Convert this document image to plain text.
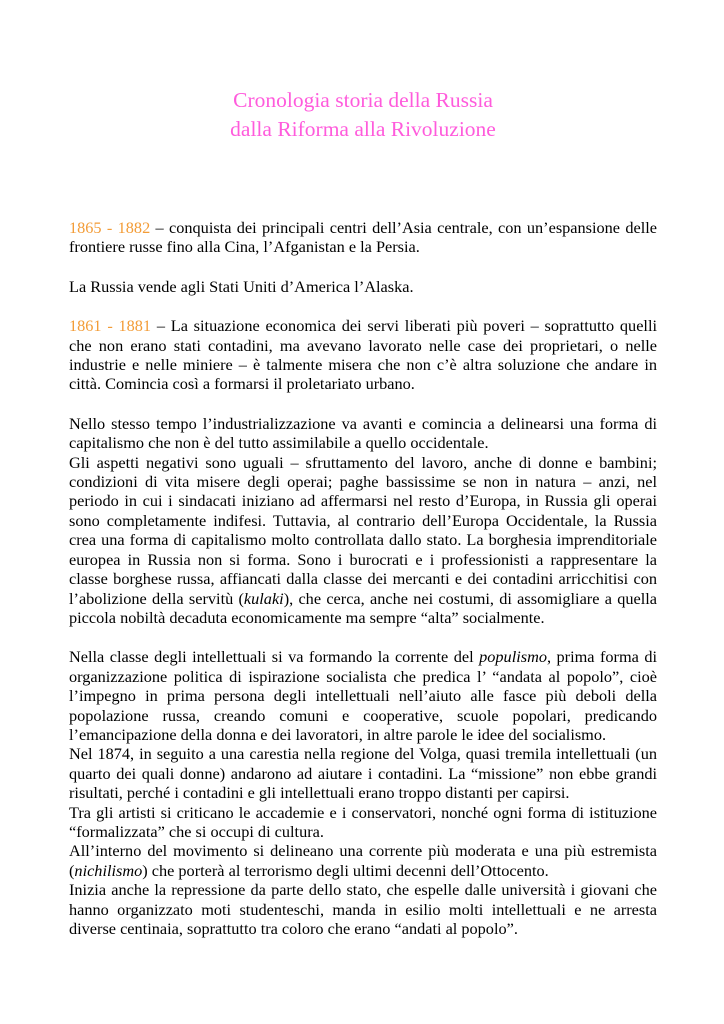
Cronologia storia della Russia
dalla Riforma alla Rivoluzione

1865 - 1882 – conquista dei principali centri dell’Asia centrale, con un’espansione delle frontiere russe fino alla Cina, l’Afganistan e la Persia.

La Russia vende agli Stati Uniti d’America l’Alaska.

1861 - 1881 – La situazione economica dei servi liberati più poveri – soprattutto quelli che non erano stati contadini, ma avevano lavorato nelle case dei proprietari, o nelle industrie e nelle miniere – è talmente misera che non c’è altra soluzione che andare in città. Comincia così a formarsi il proletariato urbano.

Nello stesso tempo l’industrializzazione va avanti e comincia a delinearsi una forma di capitalismo che non è del tutto assimilabile a quello occidentale.

Gli aspetti negativi sono uguali – sfruttamento del lavoro, anche di donne e bambini; condizioni di vita misere degli operai; paghe bassissime se non in natura – anzi, nel periodo in cui i sindacati iniziano ad affermarsi nel resto d’Europa, in Russia gli operai sono completamente indifesi. Tuttavia, al contrario dell’Europa Occidentale, la Russia crea una forma di capitalismo molto controllata dallo stato. La borghesia imprenditoriale europea in Russia non si forma. Sono i burocrati e i professionisti a rappresentare la classe borghese russa, affiancati dalla classe dei mercanti e dei contadini arricchitisi con l’abolizione della servitù (kulaki), che cerca, anche nei costumi, di assomigliare a quella piccola nobiltà decaduta economicamente ma sempre “alta” socialmente.

Nella classe degli intellettuali si va formando la corrente del populismo, prima forma di organizzazione politica di ispirazione socialista che predica l’ “andata al popolo”, cioè l’impegno in prima persona degli intellettuali nell’aiuto alle fasce più deboli della popolazione russa, creando comuni e cooperative, scuole popolari, predicando l’emancipazione della donna e dei lavoratori, in altre parole le idee del socialismo.

Nel 1874, in seguito a una carestia nella regione del Volga, quasi tremila intellettuali (un quarto dei quali donne) andarono ad aiutare i contadini. La “missione” non ebbe grandi risultati, perché i contadini e gli intellettuali erano troppo distanti per capirsi.

Tra gli artisti si criticano le accademie e i conservatori, nonché ogni forma di istituzione “formalizzata” che si occupi di cultura.

All’interno del movimento si delineano una corrente più moderata e una più estremista (nichilismo) che porterà al terrorismo degli ultimi decenni dell’Ottocento.

Inizia anche la repressione da parte dello stato, che espelle dalle università i giovani che hanno organizzato moti studenteschi, manda in esilio molti intellettuali e ne arresta diverse centinaia, soprattutto tra coloro che erano “andati al popolo”.
